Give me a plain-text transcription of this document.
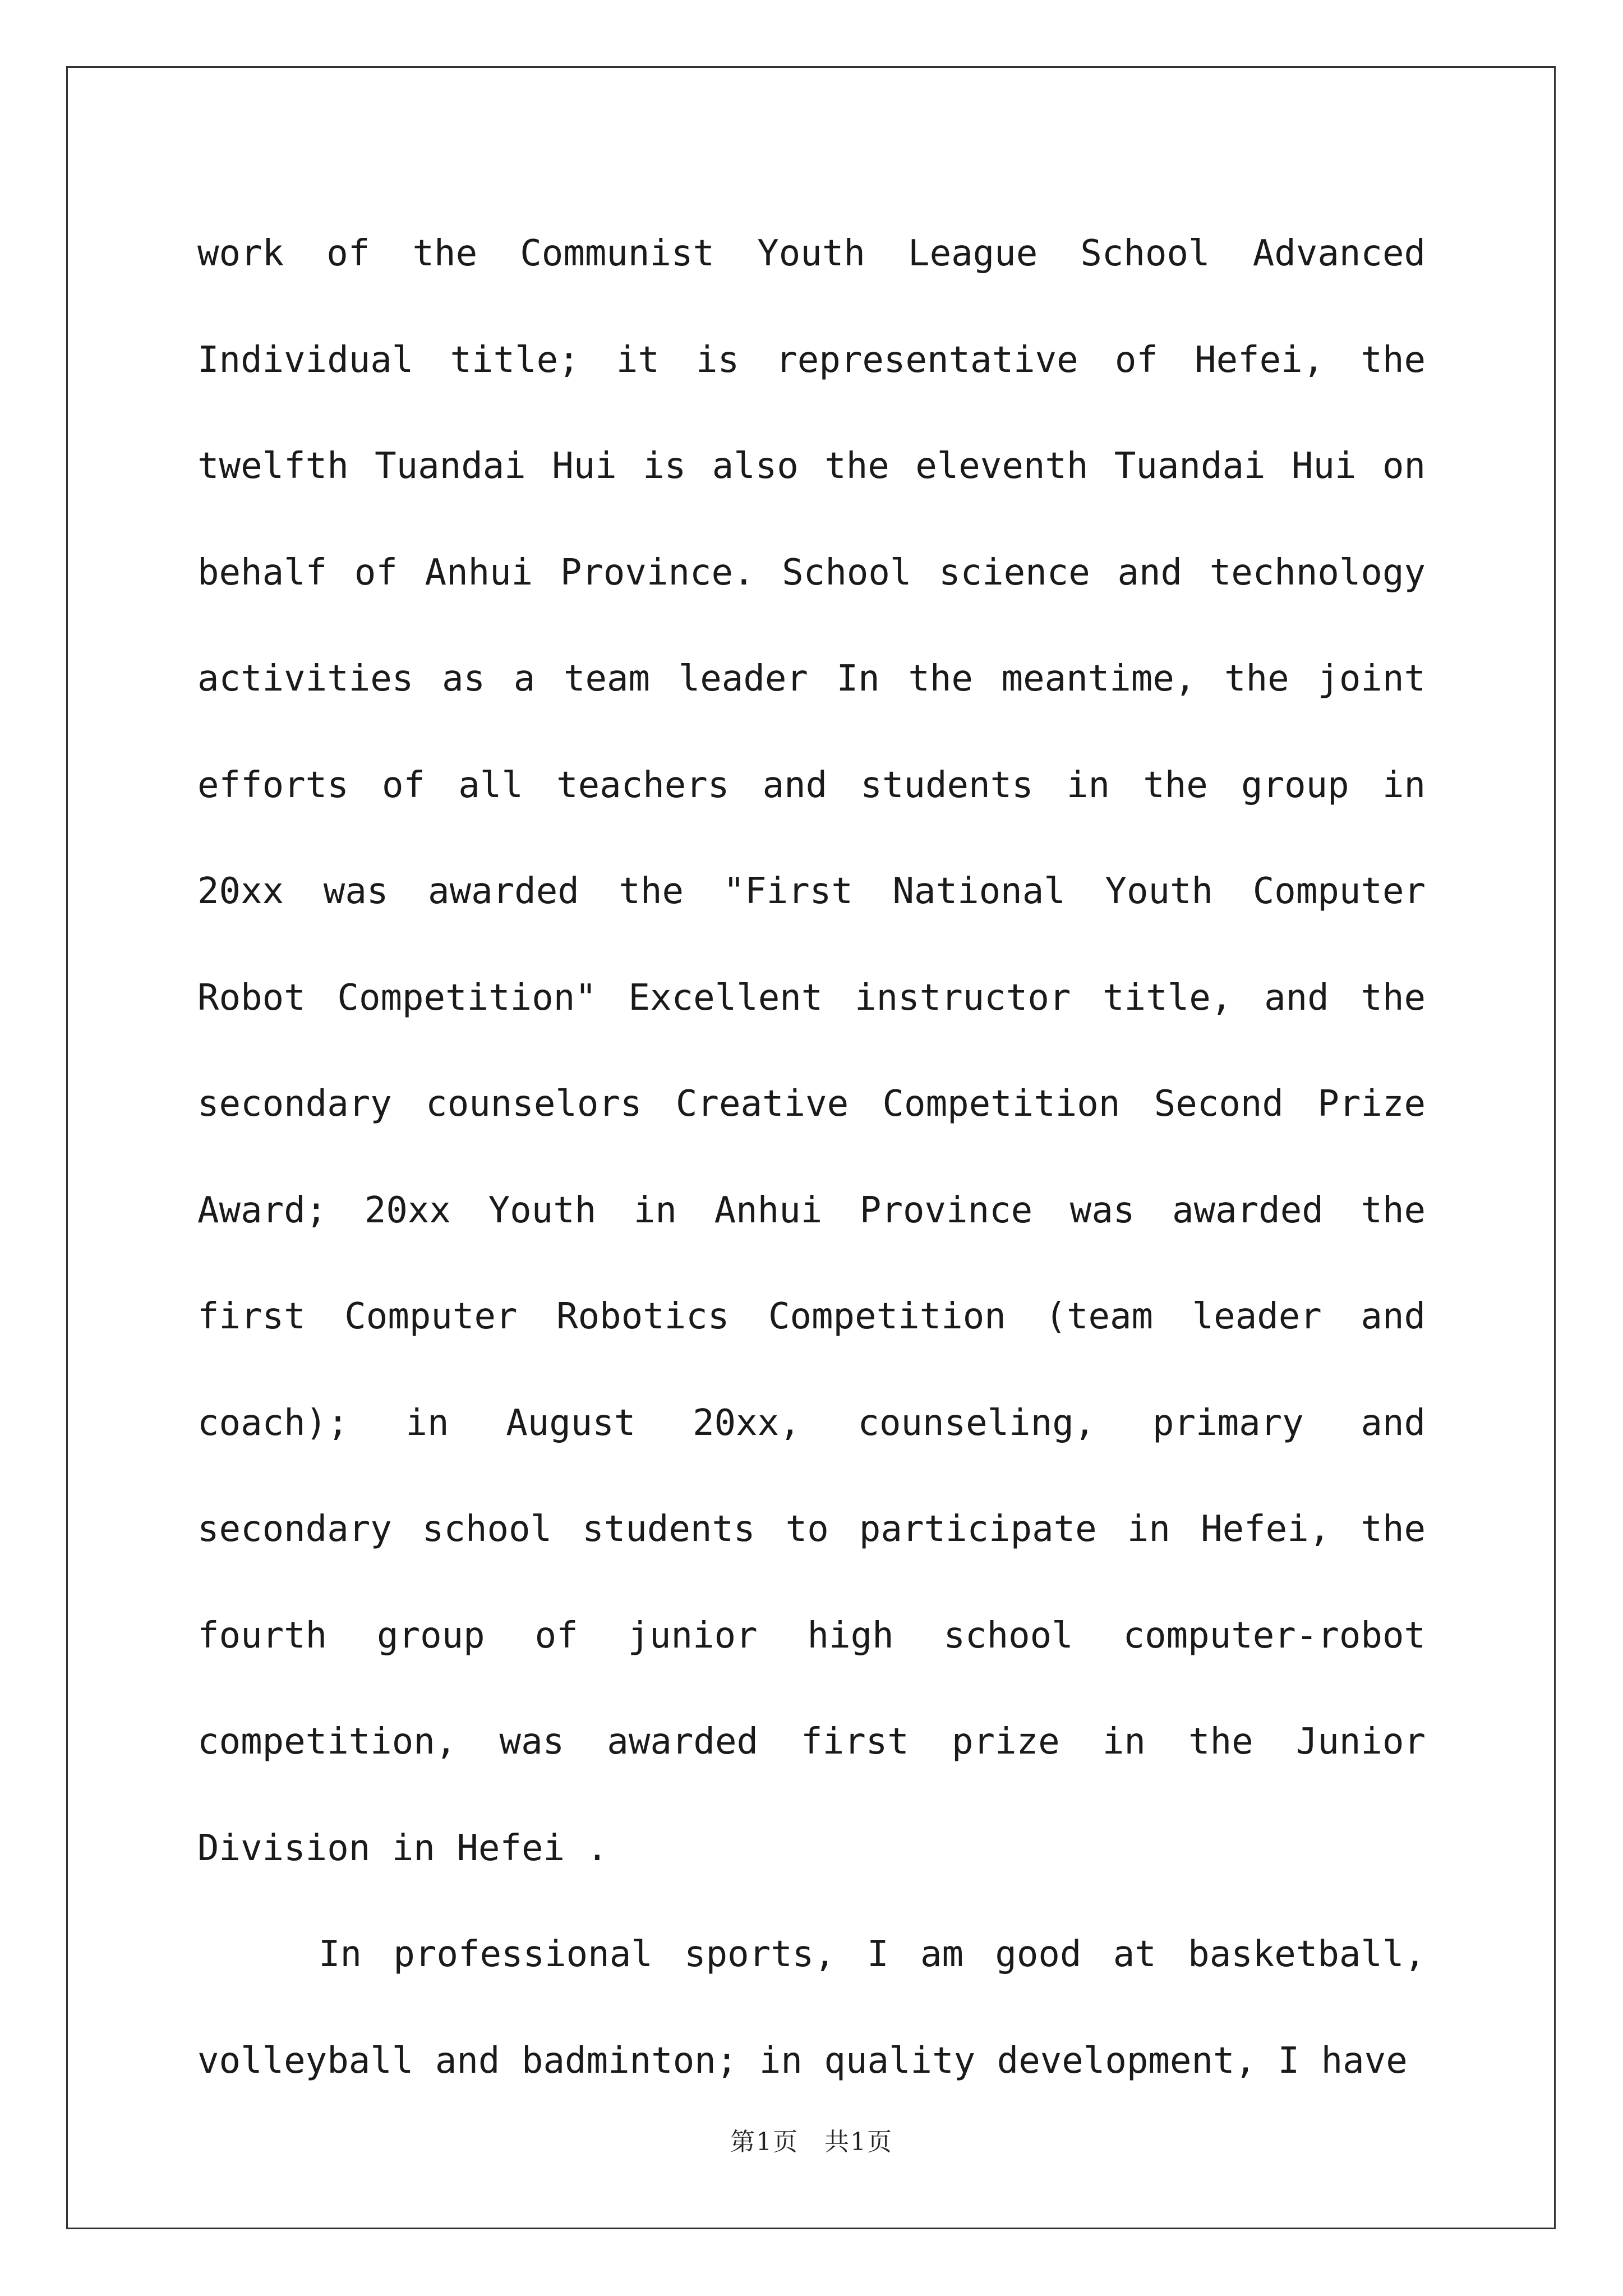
work of the Communist Youth League School Advanced Individual title; it is representative of Hefei, the twelfth Tuandai Hui is also the eleventh Tuandai Hui on behalf of Anhui Province. School science and technology activities as a team leader In the meantime, the joint efforts of all teachers and students in the group in 20xx was awarded the "First National Youth Computer Robot Competition" Excellent instructor title, and the secondary counselors Creative Competition Second Prize Award; 20xx Youth in Anhui Province was awarded the first Computer Robotics Competition (team leader and coach); in August 20xx, counseling, primary and secondary school students to participate in Hefei, the fourth group of junior high school computer-robot competition, was awarded first prize in the Junior Division in Hefei .

In professional sports, I am good at basketball, volleyball and badminton; in quality development, I have

第1页 共1页
